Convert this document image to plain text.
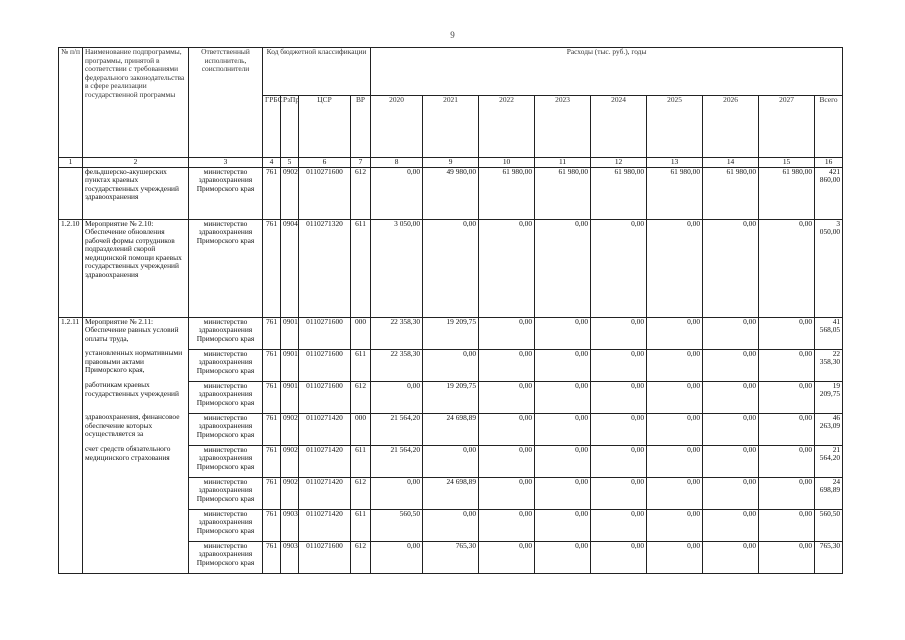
9
№ п/п	Наименование подпрограммы, программы, принятой в соответствии с требованиями федерального законодательства в сфере реализации государственной программы	Ответственный исполнитель, соисполнители	Код бюджетной классификации				Расходы (тыс. руб.), годы								
			ГРБС	РзПр	ЦСР	ВР	2020	2021	2022	2023	2024	2025	2026	2027	Всего
1	2	3	4	5	6	7	8	9	10	11	12	13	14	15	16
	фельдшерско-акушерских пунктах краевых государственных учреждений здравоохранения	министерство здравоохранения Приморского края	761	0902	0110271600	612	0,00	49 980,00	61 980,00	61 980,00	61 980,00	61 980,00	61 980,00	61 980,00	421 860,00
1.2.10	Мероприятие № 2.10: Обеспечение обновления рабочей формы сотрудников подразделений скорой медицинской помощи краевых государственных учреждений здравоохранения	министерство здравоохранения Приморского края	761	0904	0110271320	611	3 050,00	0,00	0,00	0,00	0,00	0,00	0,00	0,00	3 050,00
1.2.11	Мероприятие № 2.11: Обеспечение равных условий оплаты труда,	министерство здравоохранения Приморского края	761	0901	0110271600	000	22 358,30	19 209,75	0,00	0,00	0,00	0,00	0,00	0,00	41 568,05
	установленных нормативными правовыми актами Приморского края,	министерство здравоохранения Приморского края	761	0901	0110271600	611	22 358,30	0,00	0,00	0,00	0,00	0,00	0,00	0,00	22 358,30
	работникам краевых государственных учреждений	министерство здравоохранения Приморского края	761	0901	0110271600	612	0,00	19 209,75	0,00	0,00	0,00	0,00	0,00	0,00	19 209,75
	здравоохранения, финансовое обеспечение которых осуществляется за	министерство здравоохранения Приморского края	761	0902	0110271420	000	21 564,20	24 698,89	0,00	0,00	0,00	0,00	0,00	0,00	46 263,09
	счет средств обязательного медицинского страхования	министерство здравоохранения Приморского края	761	0902	0110271420	611	21 564,20	0,00	0,00	0,00	0,00	0,00	0,00	0,00	21 564,20
		министерство здравоохранения Приморского края	761	0902	0110271420	612	0,00	24 698,89	0,00	0,00	0,00	0,00	0,00	0,00	24 698,89
		министерство здравоохранения Приморского края	761	0903	0110271420	611	560,50	0,00	0,00	0,00	0,00	0,00	0,00	0,00	560,50
		министерство здравоохранения Приморского края	761	0903	0110271600	612	0,00	765,30	0,00	0,00	0,00	0,00	0,00	0,00	765,30
